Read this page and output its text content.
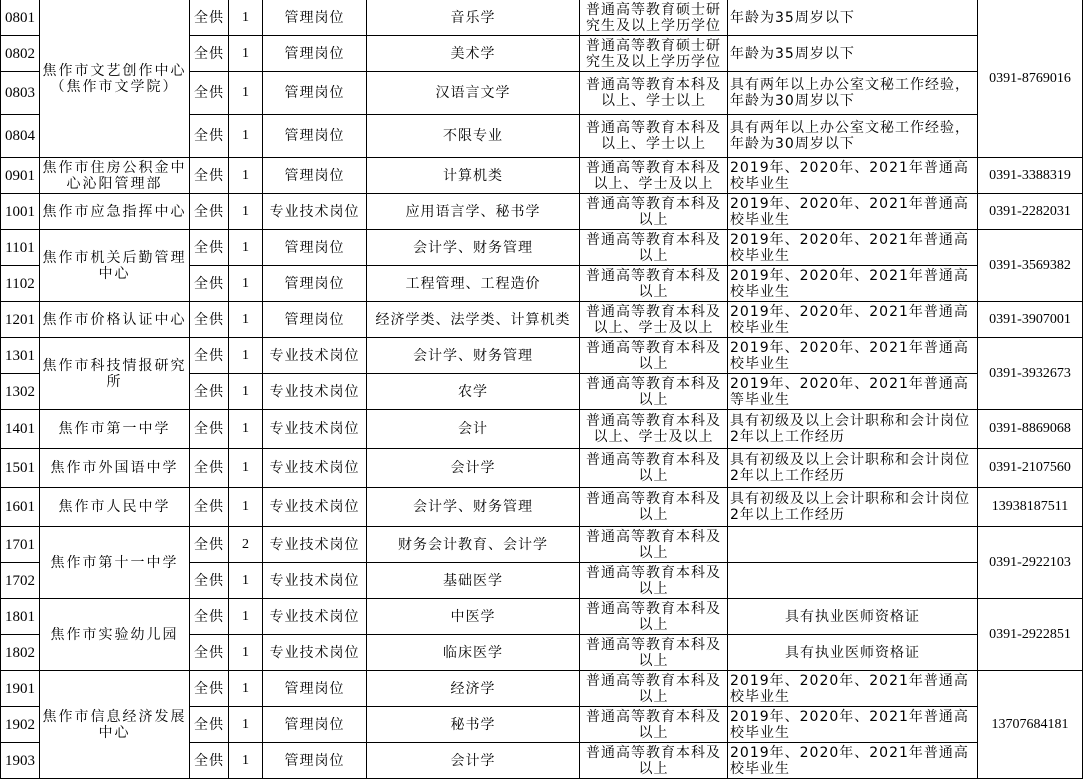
0801	焦作市文艺创作中心（焦作市文学院）	全供	1	管理岗位	音乐学	普通高等教育硕士研究生及以上学历学位	年龄为35周岁以下	0391-8769016
0802		全供	1	管理岗位	美术学	普通高等教育硕士研究生及以上学历学位	年龄为35周岁以下	
0803		全供	1	管理岗位	汉语言文学	普通高等教育本科及以上、学士以上	具有两年以上办公室文秘工作经验，年龄为30周岁以下	
0804		全供	1	管理岗位	不限专业	普通高等教育本科及以上、学士以上	具有两年以上办公室文秘工作经验，年龄为30周岁以下	
0901	焦作市住房公积金中心沁阳管理部	全供	1	管理岗位	计算机类	普通高等教育本科及以上、学士及以上	2019年、2020年、2021年普通高校毕业生	0391-3388319
1001	焦作市应急指挥中心	全供	1	专业技术岗位	应用语言学、秘书学	普通高等教育本科及以上	2019年、2020年、2021年普通高校毕业生	0391-2282031
1101	焦作市机关后勤管理中心	全供	1	管理岗位	会计学、财务管理	普通高等教育本科及以上	2019年、2020年、2021年普通高校毕业生	0391-3569382
1102		全供	1	管理岗位	工程管理、工程造价	普通高等教育本科及以上	2019年、2020年、2021年普通高校毕业生	
1201	焦作市价格认证中心	全供	1	管理岗位	经济学类、法学类、计算机类	普通高等教育本科及以上、学士及以上	2019年、2020年、2021年普通高校毕业生	0391-3907001
1301	焦作市科技情报研究所	全供	1	专业技术岗位	会计学、财务管理	普通高等教育本科及以上	2019年、2020年、2021年普通高校毕业生	0391-3932673
1302		全供	1	专业技术岗位	农学	普通高等教育本科及以上	2019年、2020年、2021年普通高等毕业生	
1401	焦作市第一中学	全供	1	专业技术岗位	会计	普通高等教育本科及以上、学士及以上	具有初级及以上会计职称和会计岗位2年以上工作经历	0391-8869068
1501	焦作市外国语中学	全供	1	专业技术岗位	会计学	普通高等教育本科及以上	具有初级及以上会计职称和会计岗位2年以上工作经历	0391-2107560
1601	焦作市人民中学	全供	1	专业技术岗位	会计学、财务管理	普通高等教育本科及以上	具有初级及以上会计职称和会计岗位2年以上工作经历	13938187511
1701	焦作市第十一中学	全供	2	专业技术岗位	财务会计教育、会计学	普通高等教育本科及以上		0391-2922103
1702		全供	1	专业技术岗位	基础医学	普通高等教育本科及以上		
1801	焦作市实验幼儿园	全供	1	专业技术岗位	中医学	普通高等教育本科及以上	具有执业医师资格证	0391-2922851
1802		全供	1	专业技术岗位	临床医学	普通高等教育本科及以上	具有执业医师资格证	
1901	焦作市信息经济发展中心	全供	1	管理岗位	经济学	普通高等教育本科及以上	2019年、2020年、2021年普通高校毕业生	13707684181
1902		全供	1	管理岗位	秘书学	普通高等教育本科及以上	2019年、2020年、2021年普通高校毕业生	
1903		全供	1	管理岗位	会计学	普通高等教育本科及以上	2019年、2020年、2021年普通高校毕业生	
